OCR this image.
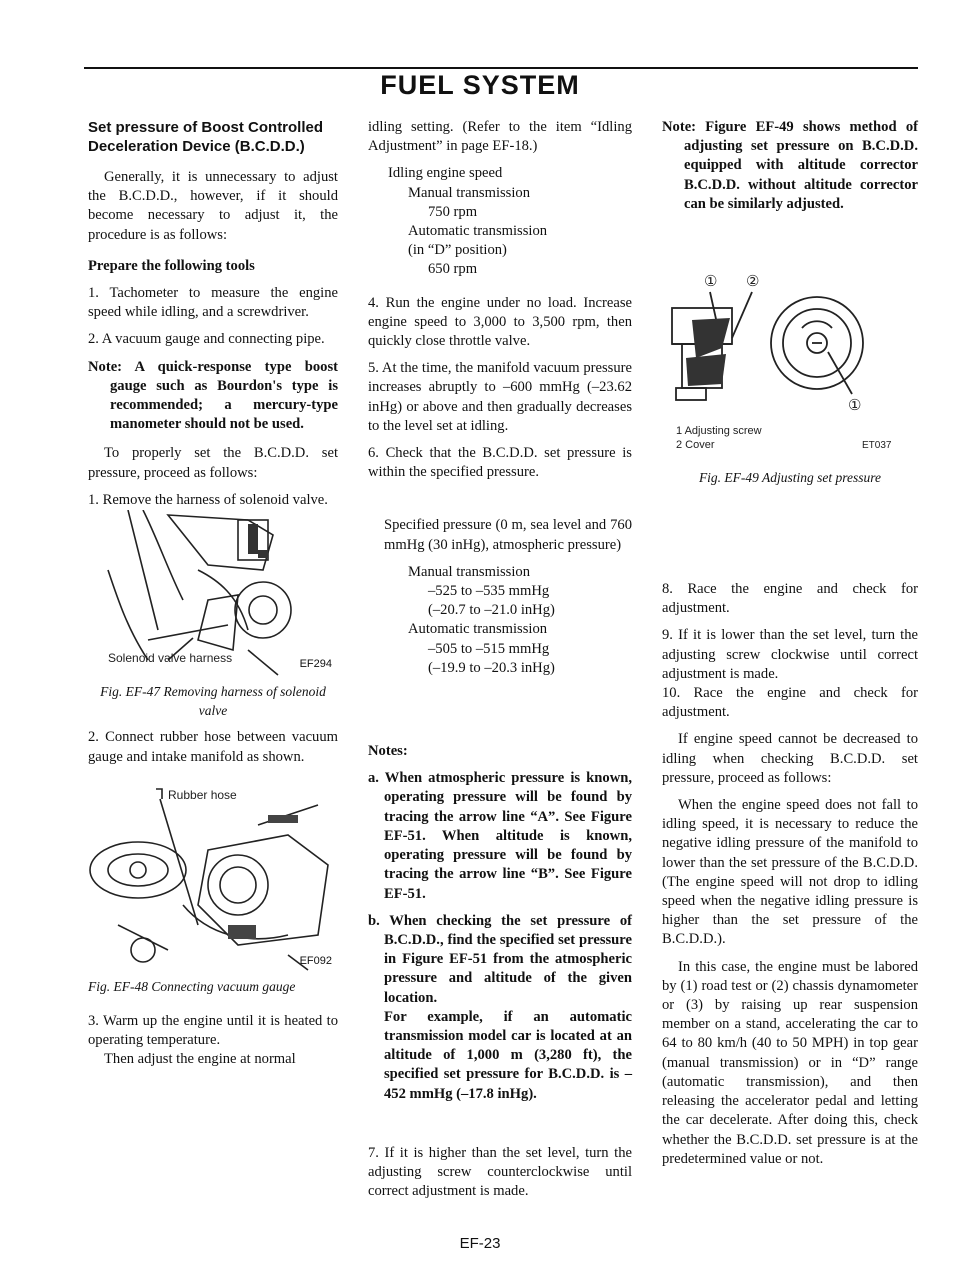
FUEL SYSTEM
Set pressure of Boost Controlled Deceleration Device (B.C.D.D.)

Generally, it is unnecessary to adjust the B.C.D.D., however, if it should become necessary to adjust it, the procedure is as follows:

Prepare the following tools

1. Tachometer to measure the engine speed while idling, and a screwdriver.

2. A vacuum gauge and connecting pipe.

Note: A quick-response type boost gauge such as Bourdon's type is recommended; a mercury-type manometer should not be used.

To properly set the B.C.D.D. set pressure, proceed as follows:

1. Remove the harness of solenoid valve.

Solenoid valve harness	EF294
Fig. EF-47 Removing harness of solenoid valve

2. Connect rubber hose between vacuum gauge and intake manifold as shown.

Rubber hose
EF092
Fig. EF-48 Connecting vacuum gauge

3. Warm up the engine until it is heated to operating temperature.

Then adjust the engine at normal

idling setting. (Refer to the item “Idling Adjustment” in page EF-18.)

Idling engine speed

Manual transmission

750 rpm

Automatic transmission

(in “D” position)

650 rpm

4. Run the engine under no load. Increase engine speed to 3,000 to 3,500 rpm, then quickly close throttle valve.

5. At the time, the manifold vacuum pressure increases abruptly to –600 mmHg (–23.62 inHg) or above and then gradually decreases to the level set at idling.

6. Check that the B.C.D.D. set pressure is within the specified pressure.

Specified pressure (0 m, sea level and 760 mmHg (30 inHg), atmospheric pressure)

Manual transmission

–525 to –535 mmHg

(–20.7 to –21.0 inHg)

Automatic transmission

–505 to –515 mmHg

(–19.9 to –20.3 inHg)

Notes:

a. When atmospheric pressure is known, operating pressure will be found by tracing the arrow line “A”. See Figure EF-51. When altitude is known, operating pressure will be found by tracing the arrow line “B”. See Figure EF-51.

b. When checking the set pressure of B.C.D.D., find the specified set pressure in Figure EF-51 from the atmospheric pressure and altitude of the given location.

For example, if an automatic transmission model car is located at an altitude of 1,000 m (3,280 ft), the specified set pressure for B.C.D.D. is –452 mmHg (–17.8 inHg).

7. If it is higher than the set level, turn the adjusting screw counterclockwise until correct adjustment is made.

Note: Figure EF-49 shows method of adjusting set pressure on B.C.D.D. equipped with altitude corrector B.C.D.D. without altitude corrector can be similarly adjusted.

① ②
①
1 Adjusting screw
2 Cover	ET037
Fig. EF-49 Adjusting set pressure

8. Race the engine and check for adjustment.

9. If it is lower than the set level, turn the adjusting screw clockwise until correct adjustment is made.

10. Race the engine and check for adjustment.

If engine speed cannot be decreased to idling when checking B.C.D.D. set pressure, proceed as follows:

When the engine speed does not fall to idling speed, it is necessary to reduce the negative idling pressure of the manifold to lower than the set pressure of the B.C.D.D. (The engine speed will not drop to idling speed when the negative idling pressure is higher than the set pressure of the B.C.D.D.).

In this case, the engine must be labored by (1) road test or (2) chassis dynamometer or (3) by raising up rear suspension member on a stand, accelerating the car to 64 to 80 km/h (40 to 50 MPH) in top gear (manual transmission) or in “D” range (automatic transmission), and then releasing the accelerator pedal and letting the car decelerate. After doing this, check whether the B.C.D.D. set pressure is at the predetermined value or not.

EF-23
